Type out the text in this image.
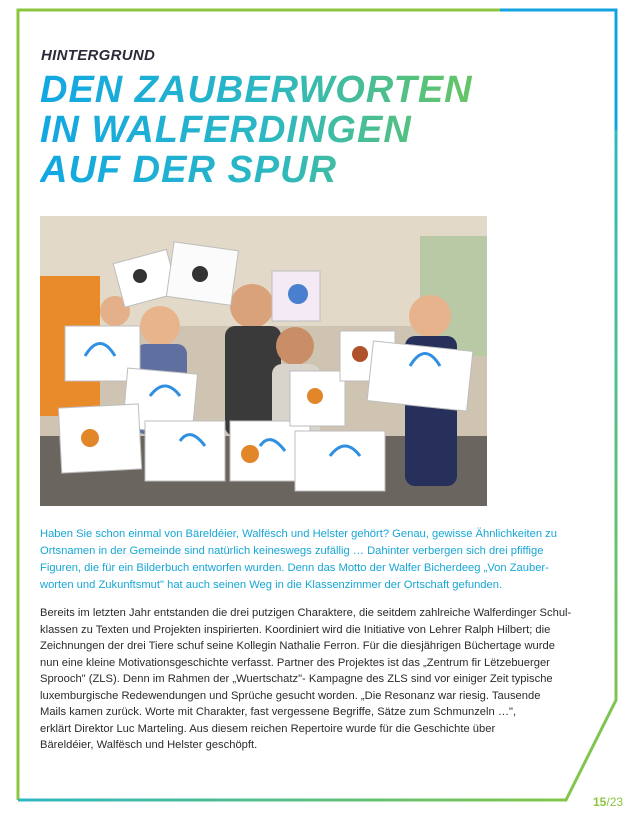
HINTERGRUND
DEN ZAUBERWORTEN
IN WALFERDINGEN
AUF DER SPUR
Haben Sie schon einmal von Bäreldéier, Walfësch und Helster gehört? Genau, gewisse Ähnlichkeiten zu
Ortsnamen in der Gemeinde sind natürlich keineswegs zufällig … Dahinter verbergen sich drei pfiffige
Figuren, die für ein Bilderbuch entworfen wurden. Denn das Motto der Walfer Bicherdeeg „Von Zauber-
worten und Zukunftsmut" hat auch seinen Weg in die Klassenzimmer der Ortschaft gefunden.
Bereits im letzten Jahr entstanden die drei putzigen Charaktere, die seitdem zahlreiche Walferdinger Schul-
klassen zu Texten und Projekten inspirierten. Koordiniert wird die Initiative von Lehrer Ralph Hilbert; die
Zeichnungen der drei Tiere schuf seine Kollegin Nathalie Ferron. Für die diesjährigen Büchertage wurde
nun eine kleine Motivationsgeschichte verfasst. Partner des Projektes ist das „Zentrum fir Lëtzebuerger
Sprooch" (ZLS). Denn im Rahmen der „Wuertschatz"- Kampagne des ZLS sind vor einiger Zeit typische
luxemburgische Redewendungen und Sprüche gesucht worden. „Die Resonanz war riesig. Tausende
Mails kamen zurück. Worte mit Charakter, fast vergessene Begriffe, Sätze zum Schmunzeln …",
erklärt Direktor Luc Marteling. Aus diesem reichen Repertoire wurde für die Geschichte über
Bäreldéier, Walfësch und Helster geschöpft.
15/23
